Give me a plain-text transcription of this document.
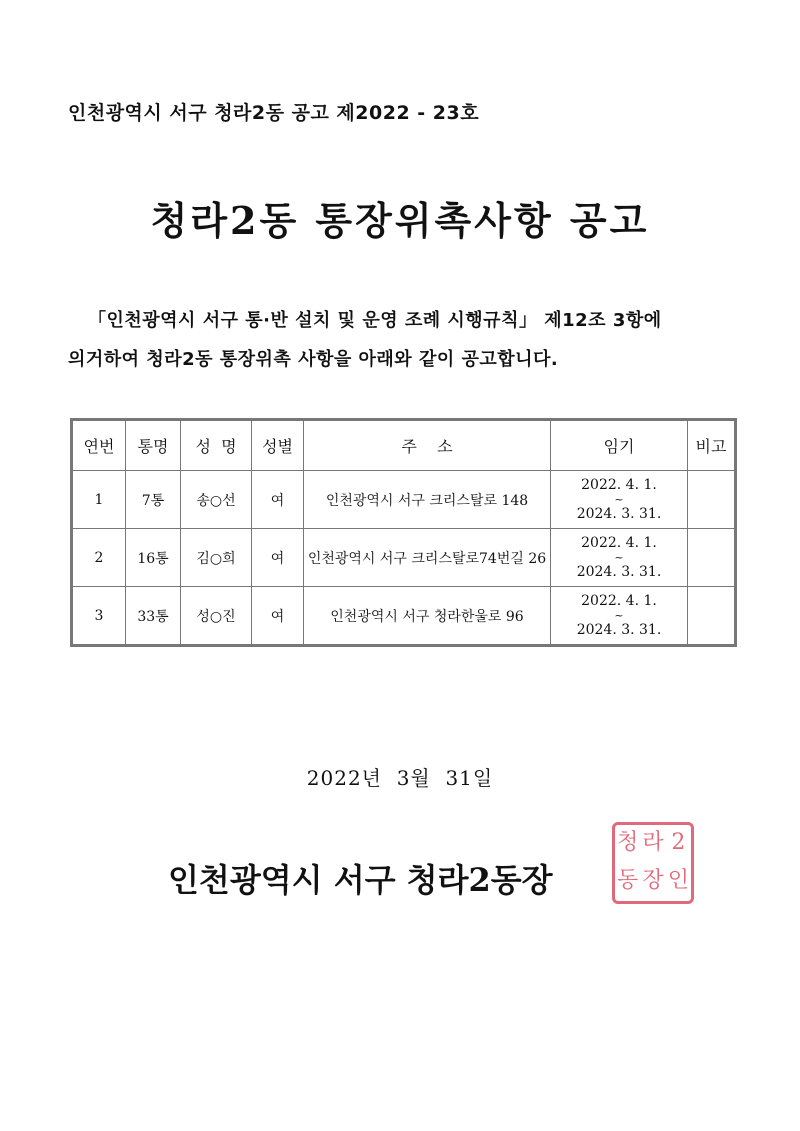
인천광역시 서구 청라2동 공고 제2022 - 23호
청라2동 통장위촉사항 공고
「인천광역시 서구 통·반 설치 및 운영 조례 시행규칙」 제12조 3항에
의거하여 청라2동 통장위촉 사항을 아래와 같이 공고합니다.
연번	통명	성  명	성별	주    소	임기	비고
1	7통	송○선	여	인천광역시 서구 크리스탈로 148	2022. 4. 1.
~
2024. 3. 31.	

2	16통	김○희	여	인천광역시 서구 크리스탈로74번길 26	2022. 4. 1.
~
2024. 3. 31.	

3	33통	성○진	여	인천광역시 서구 청라한울로 96	2022. 4. 1.
~
2024. 3. 31.	

2022년  3월  31일
인천광역시 서구 청라2동장
청 라 2
동 장 인
